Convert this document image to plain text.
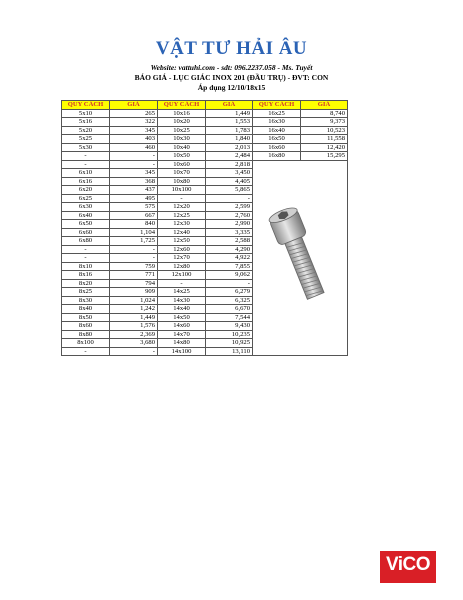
VẬT TƯ HẢI ÂU
Website: vattuhi.com - sđt: 096.2237.058 - Ms. Tuyết
BÁO GIÁ - LỤC GIÁC INOX 201 (ĐẦU TRỤ) - ĐVT: CON
Áp dụng 12/10/18x15
QUY CÁCH	GIÁ	QUY CÁCH	GIÁ	QUY CÁCH	GIÁ
5x10	265	10x16	1,449	16x25	8,740
5x16	322	10x20	1,553	16x30	9,373
5x20	345	10x25	1,783	16x40	10,523
5x25	403	10x30	1,840	16x50	11,558
5x30	460	10x40	2,013	16x60	12,420
-	-	10x50	2,484	16x80	15,295
-	-	10x60	2,818	
6x10	345	10x70	3,450		
6x16	368	10x80	4,405		
6x20	437	10x100	5,865		
6x25	495	-	-		
6x30	575	12x20	2,599		
6x40	667	12x25	2,760		
6x50	840	12x30	2,990		
6x60	1,104	12x40	3,335		
6x80	1,725	12x50	2,588		
-	-	12x60	4,290		
-	-	12x70	4,922		
8x10	759	12x80	7,855		
8x16	771	12x100	9,062		
8x20	794	-	-		
8x25	909	14x25	6,279		
8x30	1,024	14x30	6,325		
8x40	1,242	14x40	6,670		
8x50	1,449	14x50	7,544		
8x60	1,576	14x60	9,430		
8x80	2,369	14x70	10,235		
8x100	3,680	14x80	10,925		
-	-	14x100	13,110		
ViCO
